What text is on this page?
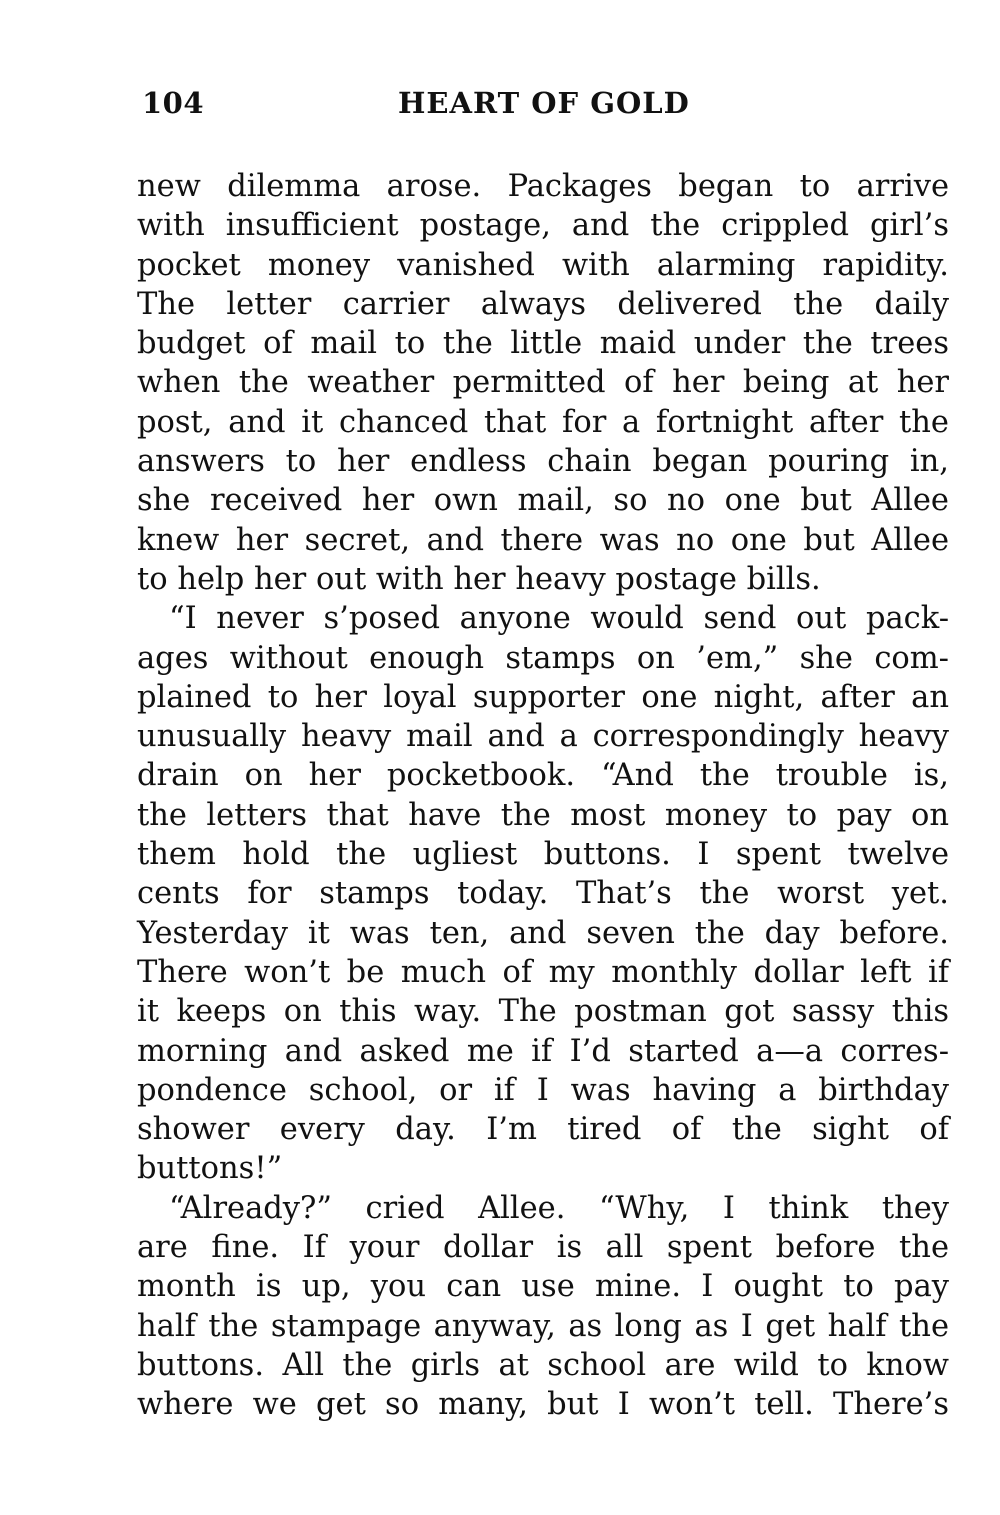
104	HEART OF GOLD
new dilemma arose. Packages began to arrive
with insufficient postage, and the crippled girl’s
pocket money vanished with alarming rapidity.
The letter carrier always delivered the daily
budget of mail to the little maid under the trees
when the weather permitted of her being at her
post, and it chanced that for a fortnight after the
answers to her endless chain began pouring in,
she received her own mail, so no one but Allee
knew her secret, and there was no one but Allee
to help her out with her heavy postage bills.
“I never s’posed anyone would send out pack-
ages without enough stamps on ’em,” she com-
plained to her loyal supporter one night, after an
unusually heavy mail and a correspondingly heavy
drain on her pocketbook. “And the trouble is,
the letters that have the most money to pay on
them hold the ugliest buttons. I spent twelve
cents for stamps today. That’s the worst yet.
Yesterday it was ten, and seven the day before.
There won’t be much of my monthly dollar left if
it keeps on this way. The postman got sassy this
morning and asked me if I’d started a—a corres-
pondence school, or if I was having a birthday
shower every day. I’m tired of the sight of
buttons!”
“Already?” cried Allee. “Why, I think they
are fine. If your dollar is all spent before the
month is up, you can use mine. I ought to pay
half the stampage anyway, as long as I get half the
buttons. All the girls at school are wild to know
where we get so many, but I won’t tell. There’s
